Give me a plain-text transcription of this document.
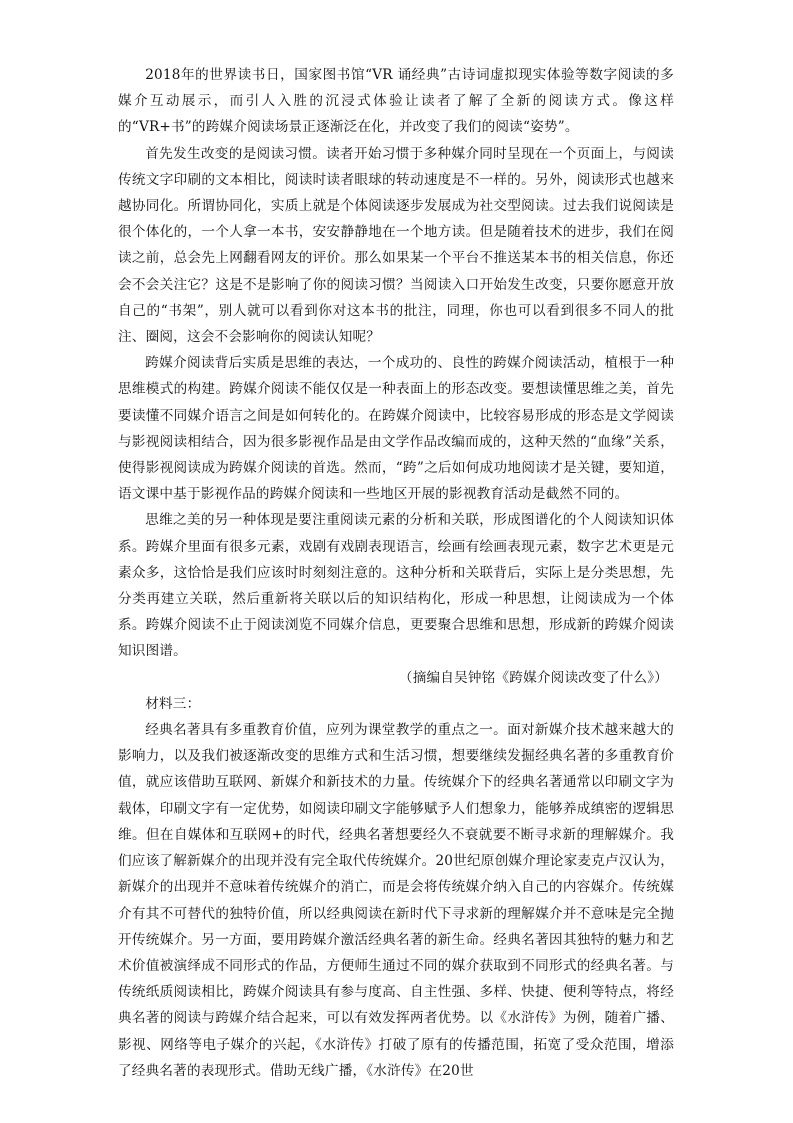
2018年的世界读书日，国家图书馆“VR 诵经典”古诗词虚拟现实体验等数字阅读的多媒介互动展示，而引人入胜的沉浸式体验让读者了解了全新的阅读方式。像这样的“VR+书”的跨媒介阅读场景正逐渐泛在化，并改变了我们的阅读“姿势”。

首先发生改变的是阅读习惯。读者开始习惯于多种媒介同时呈现在一个页面上，与阅读传统文字印刷的文本相比，阅读时读者眼球的转动速度是不一样的。另外，阅读形式也越来越协同化。所谓协同化，实质上就是个体阅读逐步发展成为社交型阅读。过去我们说阅读是很个体化的，一个人拿一本书，安安静静地在一个地方读。但是随着技术的进步，我们在阅读之前，总会先上网翻看网友的评价。那么如果某一个平台不推送某本书的相关信息，你还会不会关注它？这是不是影响了你的阅读习惯？当阅读入口开始发生改变，只要你愿意开放自己的“书架”，别人就可以看到你对这本书的批注，同理，你也可以看到很多不同人的批注、圈阅，这会不会影响你的阅读认知呢？

跨媒介阅读背后实质是思维的表达，一个成功的、良性的跨媒介阅读活动，植根于一种思维模式的构建。跨媒介阅读不能仅仅是一种表面上的形态改变。要想读懂思维之美，首先要读懂不同媒介语言之间是如何转化的。在跨媒介阅读中，比较容易形成的形态是文学阅读与影视阅读相结合，因为很多影视作品是由文学作品改编而成的，这种天然的“血缘”关系，使得影视阅读成为跨媒介阅读的首选。然而，“跨”之后如何成功地阅读才是关键，要知道，语文课中基于影视作品的跨媒介阅读和一些地区开展的影视教育活动是截然不同的。

思维之美的另一种体现是要注重阅读元素的分析和关联，形成图谱化的个人阅读知识体系。跨媒介里面有很多元素，戏剧有戏剧表现语言，绘画有绘画表现元素，数字艺术更是元素众多，这恰恰是我们应该时时刻刻注意的。这种分析和关联背后，实际上是分类思想，先分类再建立关联，然后重新将关联以后的知识结构化，形成一种思想，让阅读成为一个体系。跨媒介阅读不止于阅读浏览不同媒介信息，更要聚合思维和思想，形成新的跨媒介阅读知识图谱。

（摘编自吴钟铭《跨媒介阅读改变了什么》）

材料三：

经典名著具有多重教育价值，应列为课堂教学的重点之一。面对新媒介技术越来越大的影响力，以及我们被逐渐改变的思维方式和生活习惯，想要继续发掘经典名著的多重教育价值，就应该借助互联网、新媒介和新技术的力量。传统媒介下的经典名著通常以印刷文字为载体，印刷文字有一定优势，如阅读印刷文字能够赋予人们想象力，能够养成缜密的逻辑思维。但在自媒体和互联网+的时代，经典名著想要经久不衰就要不断寻求新的理解媒介。我们应该了解新媒介的出现并没有完全取代传统媒介。20世纪原创媒介理论家麦克卢汉认为，新媒介的出现并不意味着传统媒介的消亡，而是会将传统媒介纳入自己的内容媒介。传统媒介有其不可替代的独特价值，所以经典阅读在新时代下寻求新的理解媒介并不意味是完全抛开传统媒介。另一方面，要用跨媒介激活经典名著的新生命。经典名著因其独特的魅力和艺术价值被演绎成不同形式的作品，方便师生通过不同的媒介获取到不同形式的经典名著。与传统纸质阅读相比，跨媒介阅读具有参与度高、自主性强、多样、快捷、便利等特点，将经典名著的阅读与跨媒介结合起来，可以有效发挥两者优势。以《水浒传》为例，随着广播、影视、网络等电子媒介的兴起，《水浒传》打破了原有的传播范围，拓宽了受众范围，增添了经典名著的表现形式。借助无线广播，《水浒传》在20世
